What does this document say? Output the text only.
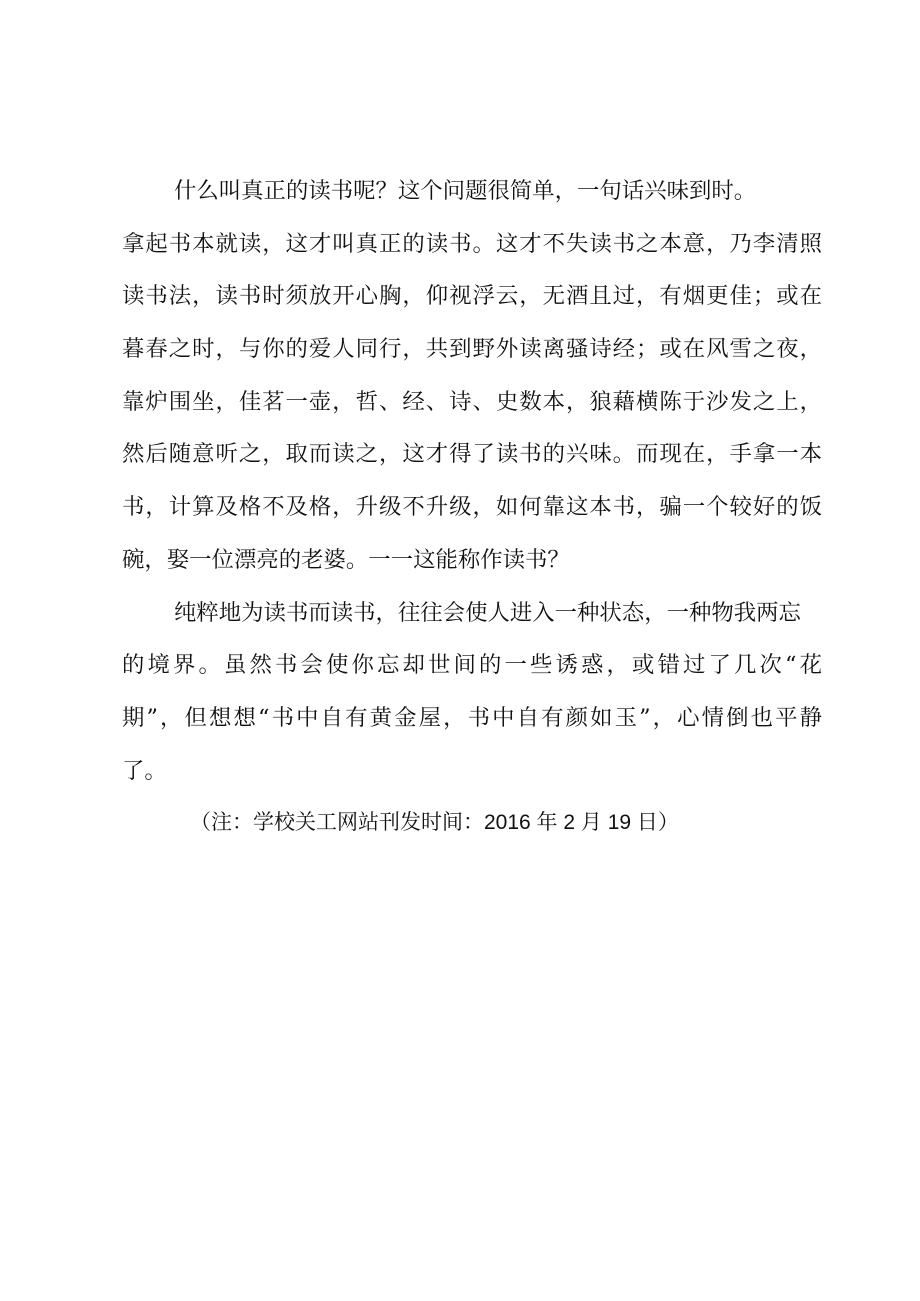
什么叫真正的读书呢？这个问题很简单，一句话兴味到时。
拿起书本就读，这才叫真正的读书。这才不失读书之本意，乃李清照
读书法，读书时须放开心胸，仰视浮云，无酒且过，有烟更佳；或在
暮春之时，与你的爱人同行，共到野外读离骚诗经；或在风雪之夜，
靠炉围坐，佳茗一壶，哲、经、诗、史数本，狼藉横陈于沙发之上，
然后随意听之，取而读之，这才得了读书的兴味。而现在，手拿一本
书，计算及格不及格，升级不升级，如何靠这本书，骗一个较好的饭
碗，娶一位漂亮的老婆。一一这能称作读书？
纯粹地为读书而读书，往往会使人进入一种状态，一种物我两忘
的境界。虽然书会使你忘却世间的一些诱惑，或错过了几次“花
期”，但想想“书中自有黄金屋，书中自有颜如玉”，心情倒也平静
了。
（注：学校关工网站刊发时间：2016 年 2 月 19 日）
